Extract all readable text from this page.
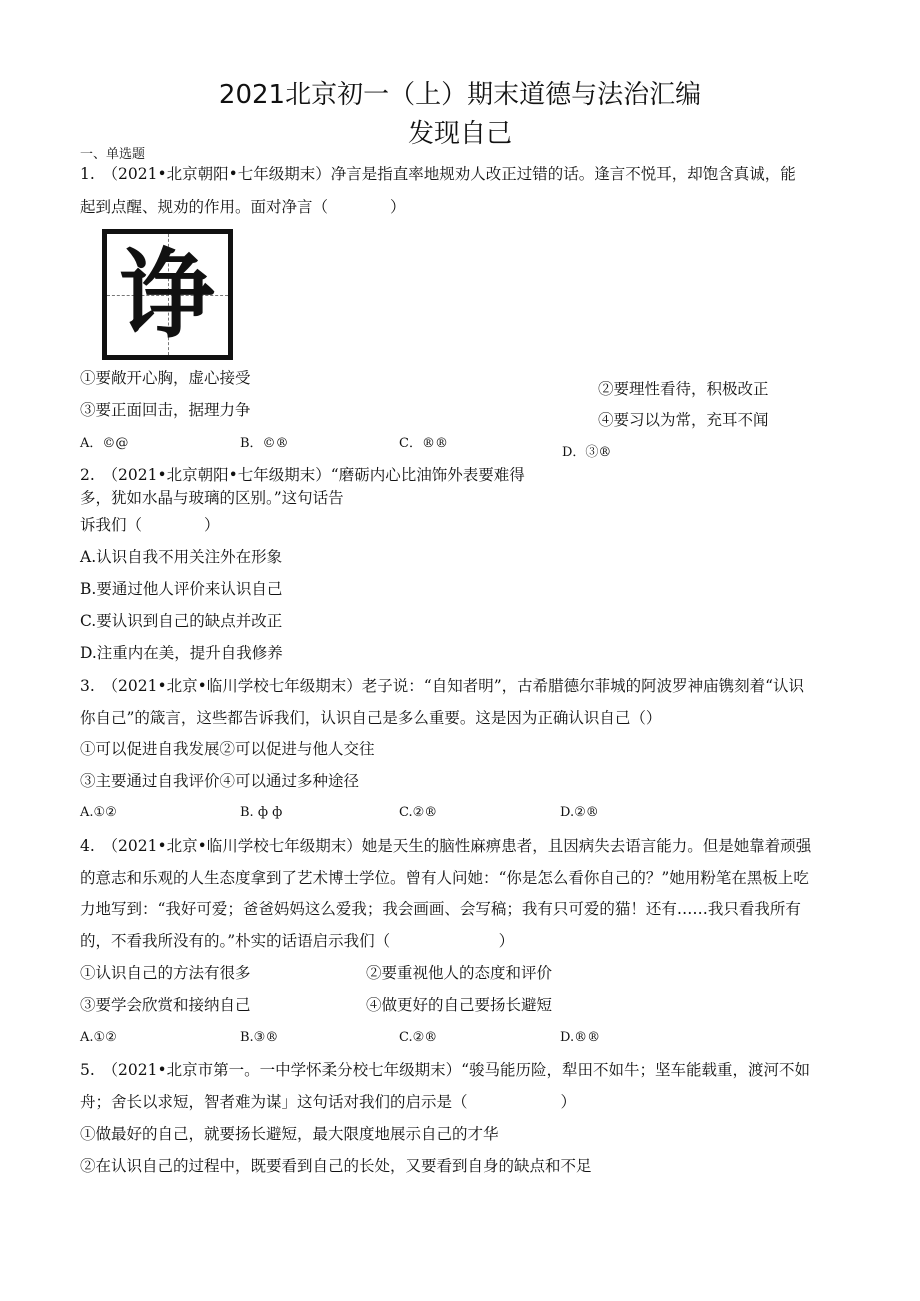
2021北京初一（上）期末道德与法治汇编
发现自己
一、单选题
1.　（2021•北京朝阳•七年级期末）净言是指直率地规劝人改正过错的话。逢言不悦耳，却饱含真诚，能
起到点醒、规劝的作用。面对净言（　　　　）
诤
①要敞开心胸，虚心接受
②要理性看待，积极改正
③要正面回击，据理力争
④要习以为常，充耳不闻
A．©@	B．©®	C．®®
D．③®
2.　（2021•北京朝阳•七年级期末）“磨砺内心比油饰外表要难得
多，犹如水晶与玻璃的区别。”这句话告
诉我们（　　　　）
A.认识自我不用关注外在形象
B.要通过他人评价来认识自己
C.要认识到自己的缺点并改正
D.注重内在美，提升自我修养
3.　（2021•北京•临川学校七年级期末）老子说：“自知者明”，古希腊德尔菲城的阿波罗神庙镌刻着“认识
你自己”的箴言，这些都告诉我们，认识自己是多么重要。这是因为正确认识自己（）
①可以促进自我发展②可以促进与他人交往
③主要通过自我评价④可以通过多种途径
A.①②	B. ф ф	C.②®	D.②®
4.　（2021•北京•临川学校七年级期末）她是天生的脑性麻痹患者，且因病失去语言能力。但是她靠着顽强
的意志和乐观的人生态度拿到了艺术博士学位。曾有人问她：“你是怎么看你自己的？”她用粉笔在黑板上吃
力地写到：“我好可爱；爸爸妈妈这么爱我；我会画画、会写稿；我有只可爱的猫！还有……我只看我所有
的，不看我所没有的。”朴实的话语启示我们（　　　　　　　）
①认识自己的方法有很多	②要重视他人的态度和评价
③要学会欣赏和接纳自己	④做更好的自己要扬长避短
A.①②	B.③®	C.②®	D.®®
5.　（2021•北京市第一。一中学怀柔分校七年级期末）“骏马能历险，犁田不如牛；坚车能载重，渡河不如
舟；舍长以求短，智者难为谋」这句话对我们的启示是（　　　　　　）
①做最好的自己，就要扬长避短，最大限度地展示自己的才华
②在认识自己的过程中，既要看到自己的长处，又要看到自身的缺点和不足
